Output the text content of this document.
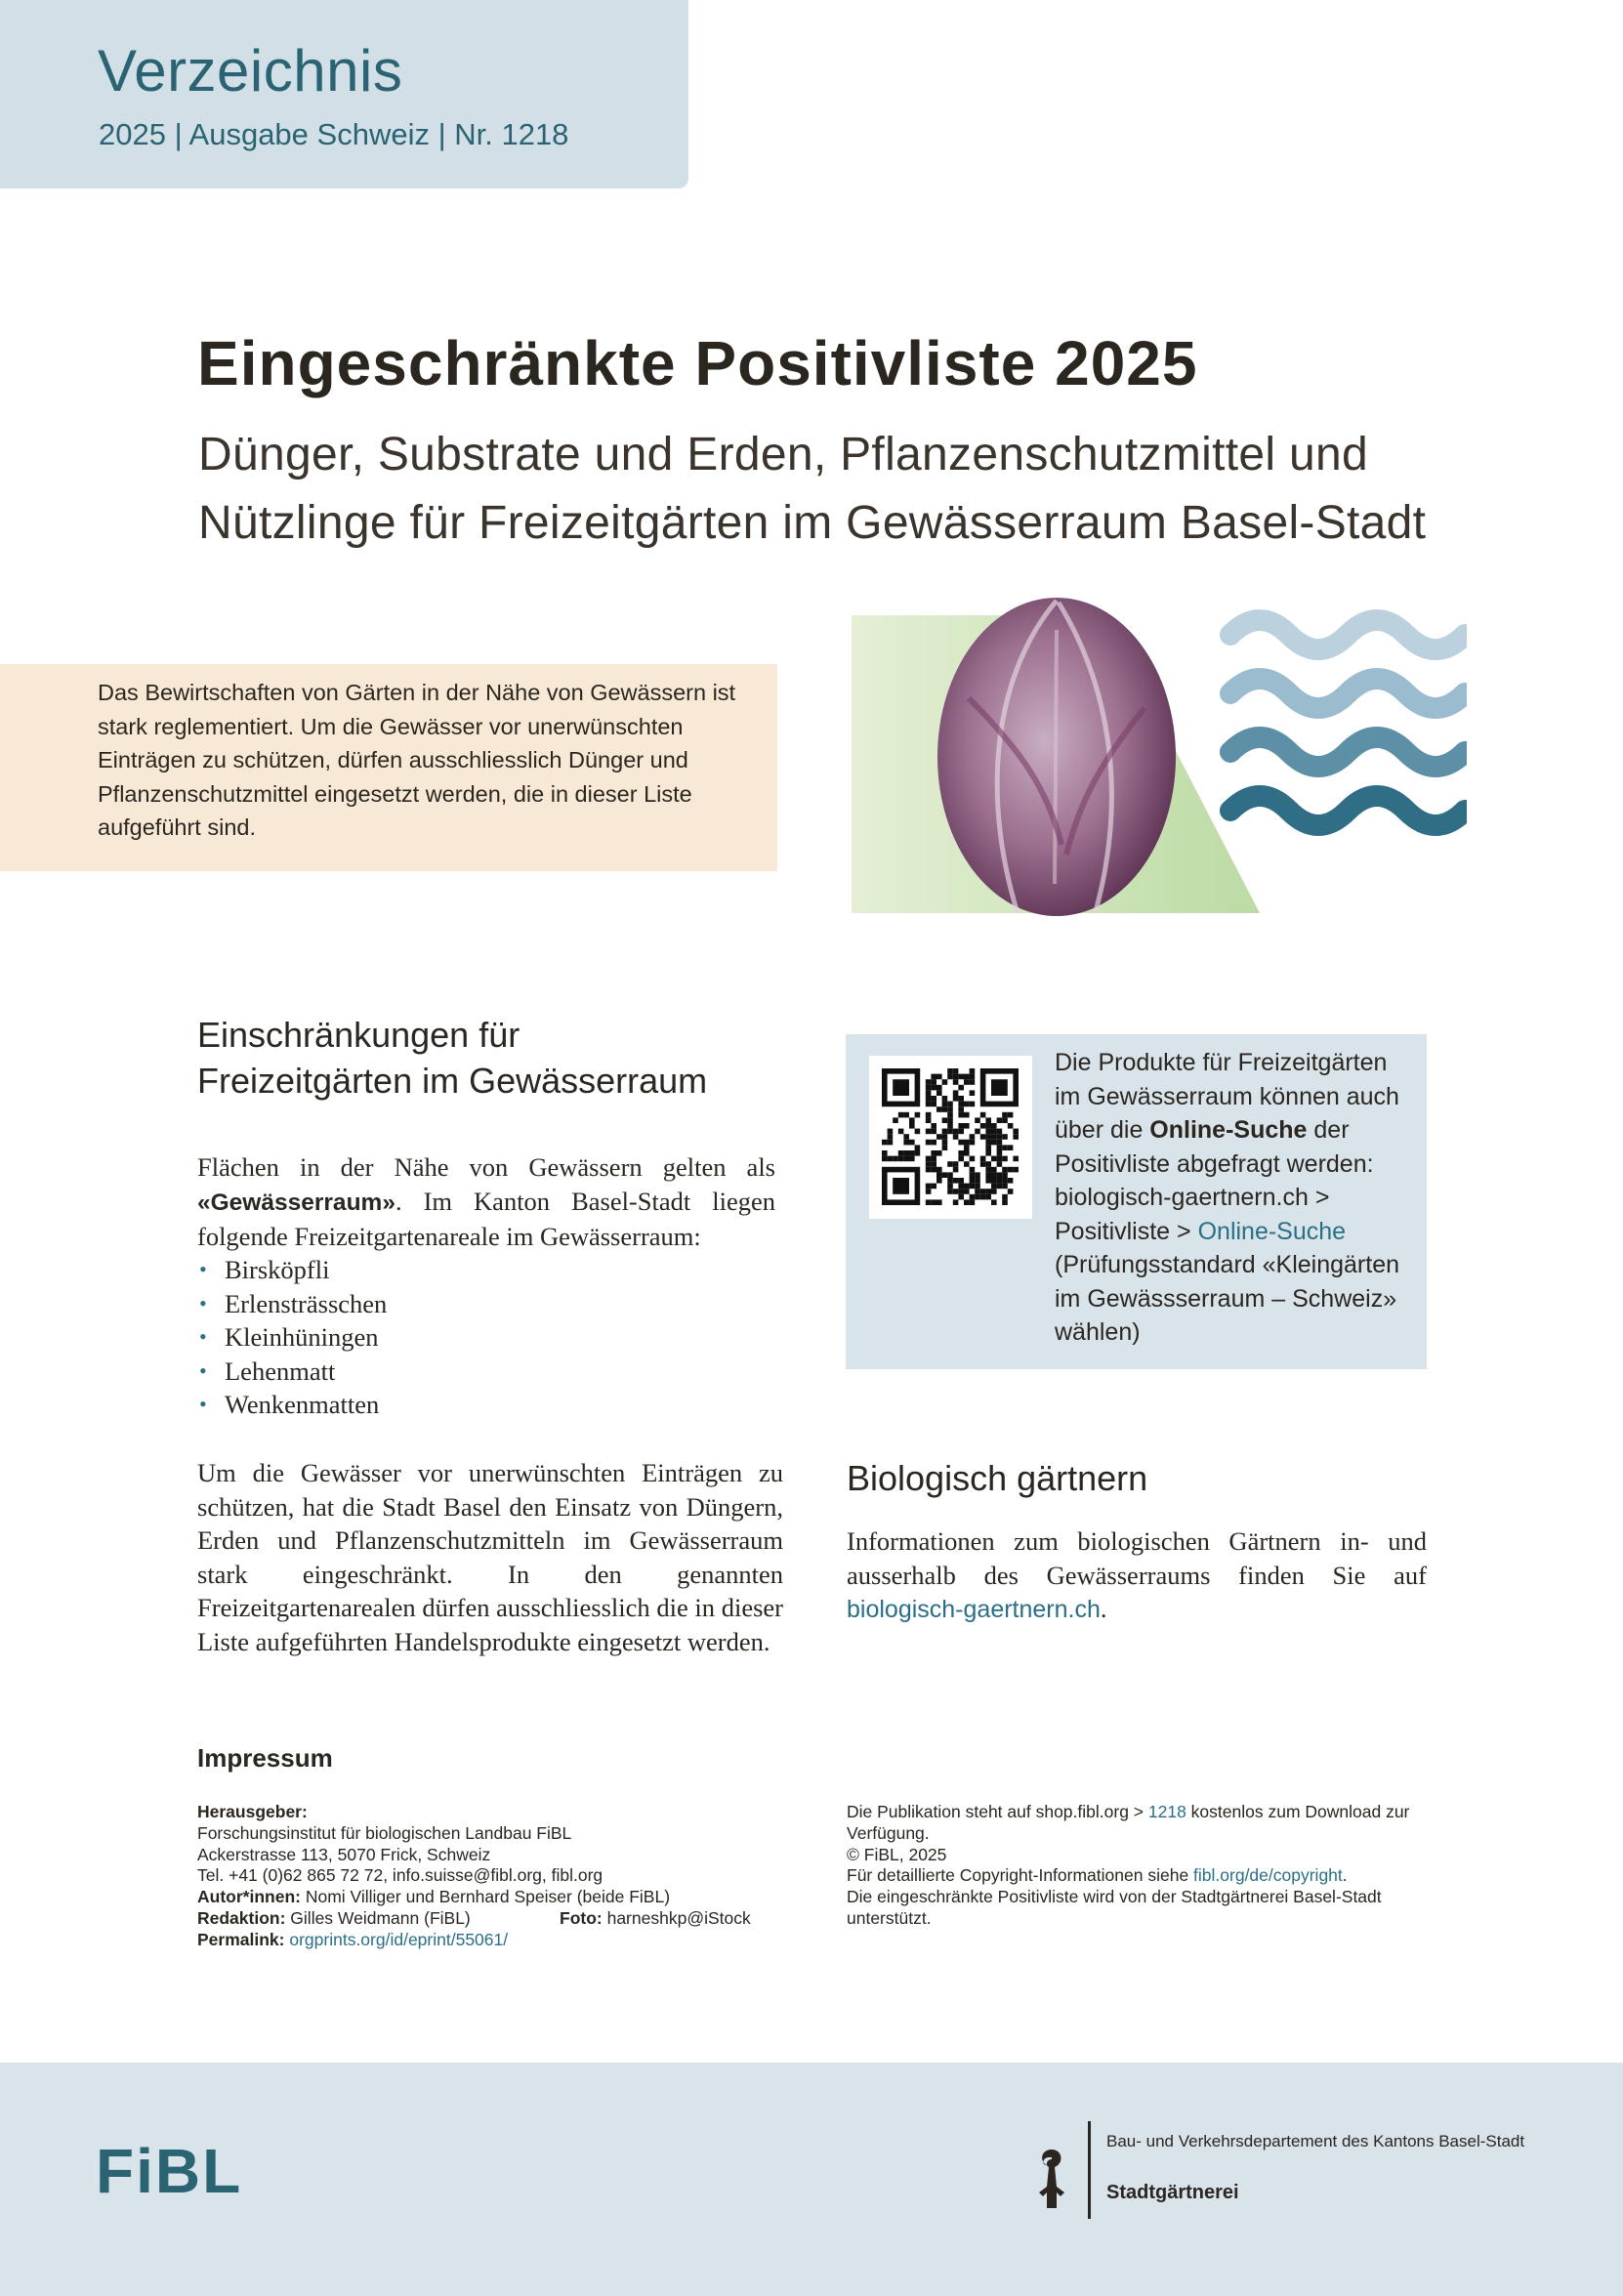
Verzeichnis
2025 | Ausgabe Schweiz | Nr. 1218
Eingeschränkte Positivliste 2025
Dünger, Substrate und Erden, Pflanzenschutzmittel und
Nützlinge für Freizeitgärten im Gewässerraum Basel-Stadt
Das Bewirtschaften von Gärten in der Nähe von Gewässern ist stark reglementiert. Um die Gewässer vor unerwünschten Einträgen zu schützen, dürfen ausschliesslich Dünger und Pflanzenschutzmittel eingesetzt werden, die in dieser Liste aufgeführt sind.
Einschränkungen für
Freizeitgärten im Gewässerraum
Flächen in der Nähe von Gewässern gelten als «Gewässerraum». Im Kanton Basel-Stadt liegen folgende Freizeitgartenareale im Gewässerraum:
• Birsköpfli
• Erlensträsschen
• Kleinhüningen
• Lehenmatt
• Wenkenmatten
Um die Gewässer vor unerwünschten Einträgen zu schützen, hat die Stadt Basel den Einsatz von Düngern, Erden und Pflanzenschutzmitteln im Gewässerraum stark eingeschränkt. In den genannten Freizeitgartenarealen dürfen ausschliesslich die in dieser Liste aufgeführten Handelsprodukte eingesetzt werden.
Die Produkte für Freizeitgärten im Gewässerraum können auch über die Online-Suche der Positivliste abgefragt werden: biologisch-gaertnern.ch > Positivliste > Online-Suche (Prüfungsstandard «Kleingärten im Gewässserraum – Schweiz» wählen)
Biologisch gärtnern
Informationen zum biologischen Gärtnern in- und ausserhalb des Gewässerraums finden Sie auf biologisch-gaertnern.ch.
Impressum
Herausgeber:
Forschungsinstitut für biologischen Landbau FiBL
Ackerstrasse 113, 5070 Frick, Schweiz
Tel. +41 (0)62 865 72 72, info.suisse@fibl.org, fibl.org
Autor*innen: Nomi Villiger und Bernhard Speiser (beide FiBL)
Redaktion: Gilles Weidmann (FiBL)	Foto: harneshkp@iStock
Permalink: orgprints.org/id/eprint/55061/
Die Publikation steht auf shop.fibl.org > 1218 kostenlos zum Download zur Verfügung.
© FiBL, 2025
Für detaillierte Copyright-Informationen siehe fibl.org/de/copyright.
Die eingeschränkte Positivliste wird von der Stadtgärtnerei Basel-Stadt unterstützt.
FiBL	Bau- und Verkehrsdepartement des Kantons Basel-Stadt
Stadtgärtnerei
